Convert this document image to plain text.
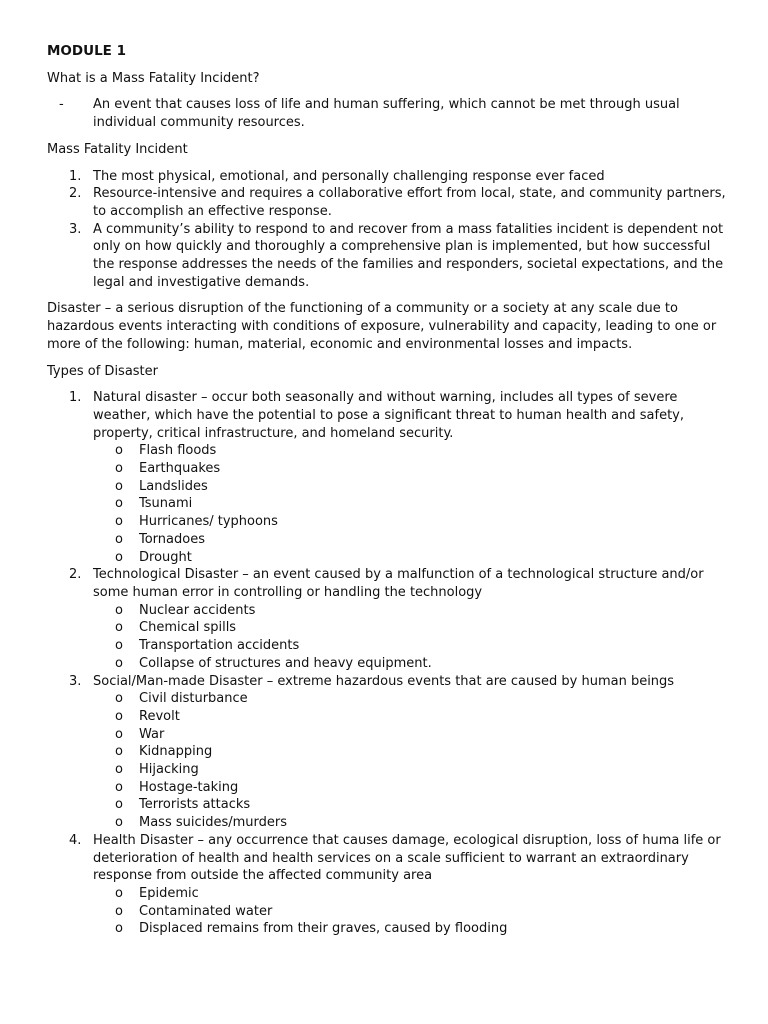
MODULE 1
What is a Mass Fatality Incident?
- An event that causes loss of life and human suffering, which cannot be met through usual individual community resources.
Mass Fatality Incident
1. The most physical, emotional, and personally challenging response ever faced
2. Resource-intensive and requires a collaborative effort from local, state, and community partners, to accomplish an effective response.
3. A community’s ability to respond to and recover from a mass fatalities incident is dependent not only on how quickly and thoroughly a comprehensive plan is implemented, but how successful the response addresses the needs of the families and responders, societal expectations, and the legal and investigative demands.
Disaster – a serious disruption of the functioning of a community or a society at any scale due to hazardous events interacting with conditions of exposure, vulnerability and capacity, leading to one or more of the following: human, material, economic and environmental losses and impacts.
Types of Disaster
1. Natural disaster – occur both seasonally and without warning, includes all types of severe weather, which have the potential to pose a significant threat to human health and safety, property, critical infrastructure, and homeland security.
o Flash floods
o Earthquakes
o Landslides
o Tsunami
o Hurricanes/ typhoons
o Tornadoes
o Drought
2. Technological Disaster – an event caused by a malfunction of a technological structure and/or some human error in controlling or handling the technology
o Nuclear accidents
o Chemical spills
o Transportation accidents
o Collapse of structures and heavy equipment.
3. Social/Man-made Disaster – extreme hazardous events that are caused by human beings
o Civil disturbance
o Revolt
o War
o Kidnapping
o Hijacking
o Hostage-taking
o Terrorists attacks
o Mass suicides/murders
4. Health Disaster – any occurrence that causes damage, ecological disruption, loss of huma life or deterioration of health and health services on a scale sufficient to warrant an extraordinary response from outside the affected community area
o Epidemic
o Contaminated water
o Displaced remains from their graves, caused by flooding
